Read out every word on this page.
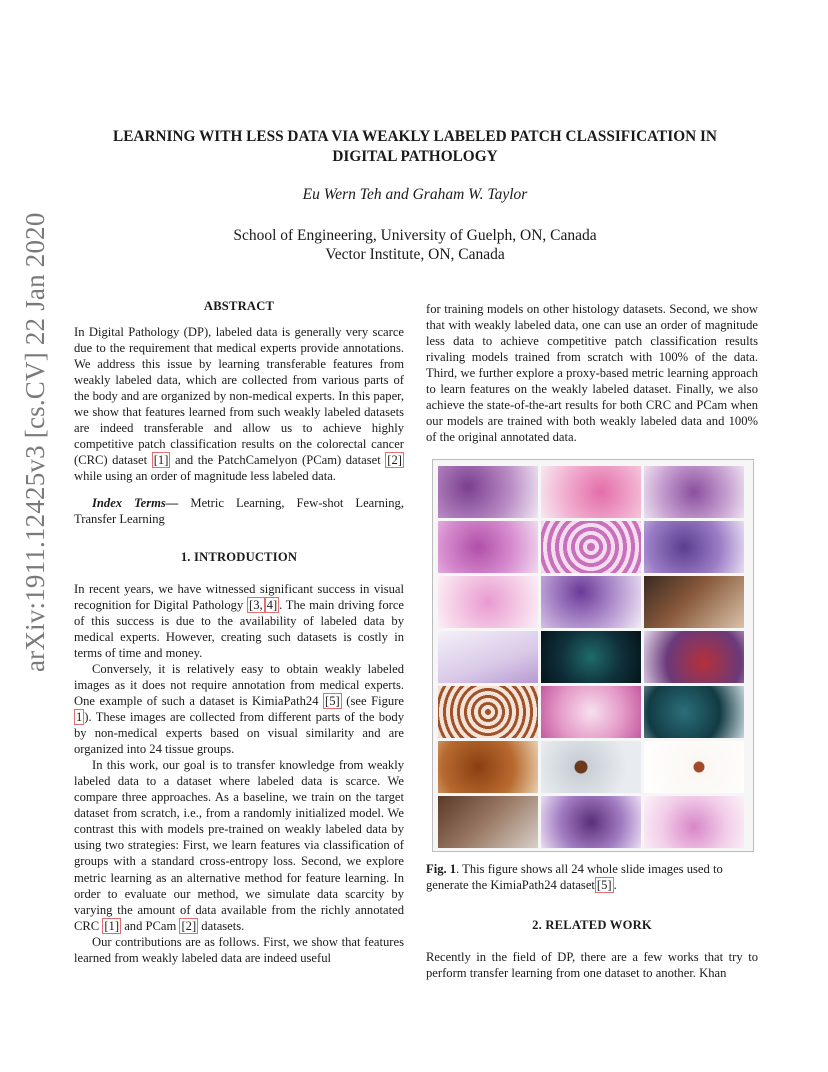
arXiv:1911.12425v3 [cs.CV] 22 Jan 2020
LEARNING WITH LESS DATA VIA WEAKLY LABELED PATCH CLASSIFICATION IN
DIGITAL PATHOLOGY
Eu Wern Teh and Graham W. Taylor
School of Engineering, University of Guelph, ON, Canada
Vector Institute, ON, Canada
ABSTRACT

In Digital Pathology (DP), labeled data is generally very scarce due to the requirement that medical experts provide annotations. We address this issue by learning transferable features from weakly labeled data, which are collected from various parts of the body and are organized by non-medical experts. In this paper, we show that features learned from such weakly labeled datasets are indeed transferable and allow us to achieve highly competitive patch classification results on the colorectal cancer (CRC) dataset [1] and the PatchCamelyon (PCam) dataset [2] while using an order of magnitude less labeled data.

Index Terms— Metric Learning, Few-shot Learning, Transfer Learning

1. INTRODUCTION

In recent years, we have witnessed significant success in visual recognition for Digital Pathology [3, 4] . The main driving force of this success is due to the availability of labeled data by medical experts. However, creating such datasets is costly in terms of time and money.

Conversely, it is relatively easy to obtain weakly labeled images as it does not require annotation from medical experts. One example of such a dataset is KimiaPath24 [5] (see Figure 1 ). These images are collected from different parts of the body by non-medical experts based on visual similarity and are organized into 24 tissue groups.

In this work, our goal is to transfer knowledge from weakly labeled data to a dataset where labeled data is scarce. We compare three approaches. As a baseline, we train on the target dataset from scratch, i.e., from a randomly initialized model. We contrast this with models pre-trained on weakly labeled data by using two strategies: First, we learn features via classification of groups with a standard cross-entropy loss. Second, we explore metric learning as an alternative method for feature learning. In order to evaluate our method, we simulate data scarcity by varying the amount of data available from the richly annotated CRC [1] and PCam [2] datasets.

Our contributions are as follows. First, we show that features learned from weakly labeled data are indeed useful

for training models on other histology datasets. Second, we show that with weakly labeled data, one can use an order of magnitude less data to achieve competitive patch classification results rivaling models trained from scratch with 100% of the data. Third, we further explore a proxy-based metric learning approach to learn features on the weakly labeled dataset. Finally, we also achieve the state-of-the-art results for both CRC and PCam when our models are trained with both weakly labeled data and 100% of the original annotated data.

Fig. 1. This figure shows all 24 whole slide images used to generate the KimiaPath24 dataset [5] .
2. RELATED WORK

Recently in the field of DP, there are a few works that try to perform transfer learning from one dataset to another. Khan
